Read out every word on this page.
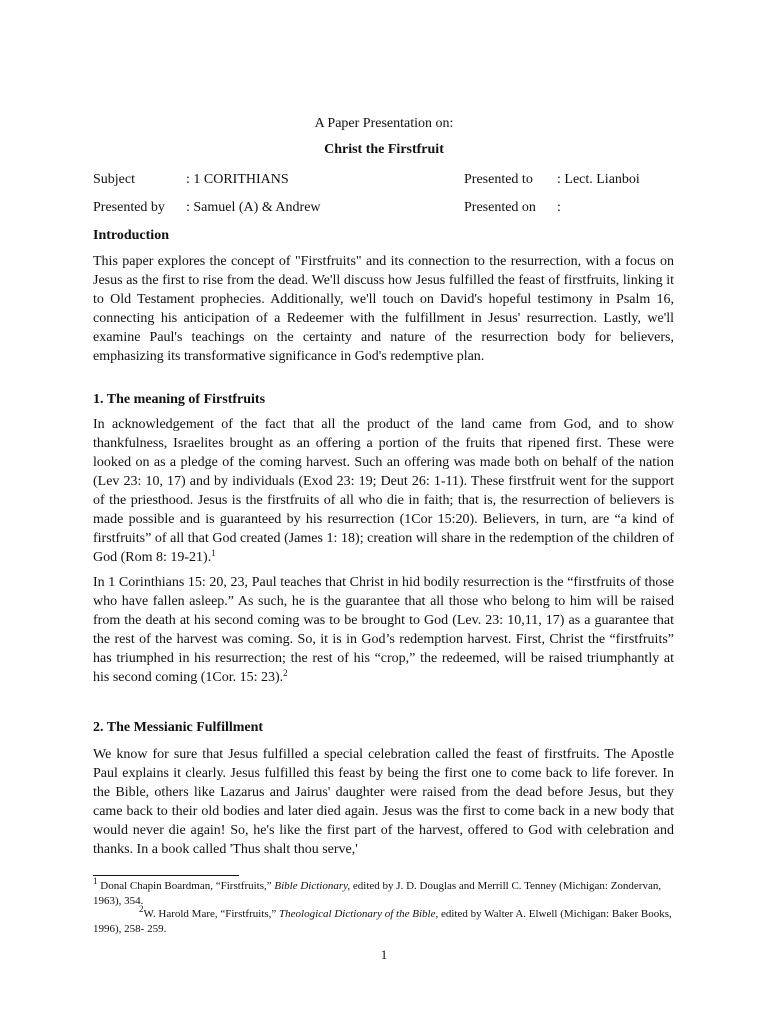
A Paper Presentation on:
Christ the Firstfruit
Subject	: 1 CORITHIANS	Presented to : Lect. Lianboi
Presented by : Samuel (A) & Andrew	Presented on :
Introduction
This paper explores the concept of "Firstfruits" and its connection to the resurrection, with a focus on Jesus as the first to rise from the dead. We'll discuss how Jesus fulfilled the feast of firstfruits, linking it to Old Testament prophecies. Additionally, we'll touch on David's hopeful testimony in Psalm 16, connecting his anticipation of a Redeemer with the fulfillment in Jesus' resurrection. Lastly, we'll examine Paul's teachings on the certainty and nature of the resurrection body for believers, emphasizing its transformative significance in God's redemptive plan.
1. The meaning of Firstfruits
In acknowledgement of the fact that all the product of the land came from God, and to show thankfulness, Israelites brought as an offering a portion of the fruits that ripened first. These were looked on as a pledge of the coming harvest. Such an offering was made both on behalf of the nation (Lev 23: 10, 17) and by individuals (Exod 23: 19; Deut 26: 1-11). These firstfruit went for the support of the priesthood. Jesus is the firstfruits of all who die in faith; that is, the resurrection of believers is made possible and is guaranteed by his resurrection (1Cor 15:20). Believers, in turn, are “a kind of firstfruits” of all that God created (James 1: 18); creation will share in the redemption of the children of God (Rom 8: 19-21).$^1$
In 1 Corinthians 15: 20, 23, Paul teaches that Christ in hid bodily resurrection is the “firstfruits of those who have fallen asleep.” As such, he is the guarantee that all those who belong to him will be raised from the death at his second coming was to be brought to God (Lev. 23: 10,11, 17) as a guarantee that the rest of the harvest was coming. So, it is in God’s redemption harvest. First, Christ the “firstfruits” has triumphed in his resurrection; the rest of his “crop,” the redeemed, will be raised triumphantly at his second coming (1Cor. 15: 23).$^2$
2. The Messianic Fulfillment
We know for sure that Jesus fulfilled a special celebration called the feast of firstfruits. The Apostle Paul explains it clearly. Jesus fulfilled this feast by being the first one to come back to life forever. In the Bible, others like Lazarus and Jairus' daughter were raised from the dead before Jesus, but they came back to their old bodies and later died again. Jesus was the first to come back in a new body that would never die again! So, he's like the first part of the harvest, offered to God with celebration and thanks. In a book called 'Thus shalt thou serve,'
$^1$ Donal Chapin Boardman, “Firstfruits,” Bible Dictionary, edited by J. D. Douglas and Merrill C. Tenney (Michigan: Zondervan, 1963), 354.
$^2$W. Harold Mare, “Firstfruits,” Theological Dictionary of the Bible, edited by Walter A. Elwell (Michigan: Baker Books, 1996), 258- 259.
1
